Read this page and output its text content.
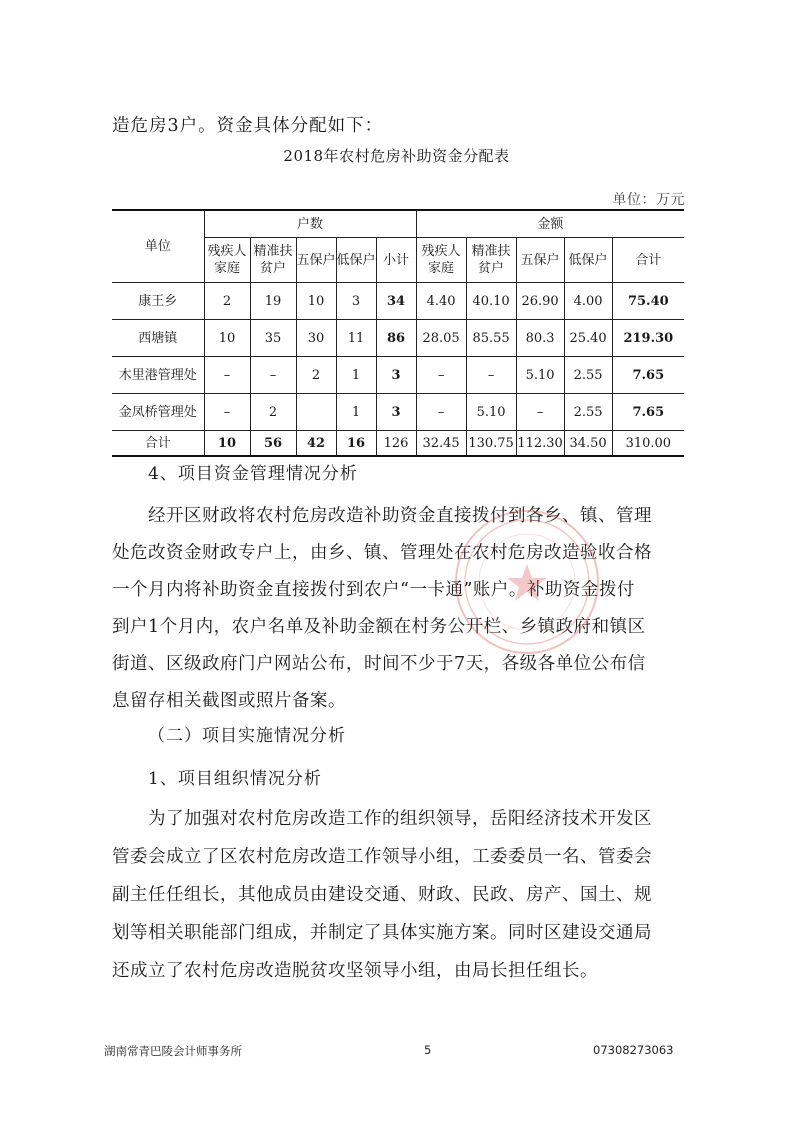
造危房3户。资金具体分配如下：
2018年农村危房补助资金分配表
单位：万元
单位	户数					金额				
	残疾人家庭	精准扶贫户	五保户	低保户	小计	残疾人家庭	精准扶贫户	五保户	低保户	合计
康王乡	2	19	10	3	34	4.40	40.10	26.90	4.00	75.40
西塘镇	10	35	30	11	86	28.05	85.55	80.3	25.40	219.30
木里港管理处	–	–	2	1	3	–	–	5.10	2.55	7.65
金凤桥管理处	–	2		1	3	–	5.10	–	2.55	7.65
合计	10	56	42	16	126	32.45	130.75	112.30	34.50	310.00
4、项目资金管理情况分析
经开区财政将农村危房改造补助资金直接拨付到各乡、镇、管理
处危改资金财政专户上，由乡、镇、管理处在农村危房改造验收合格
一个月内将补助资金直接拨付到农户“一卡通”账户。补助资金拨付
到户1个月内，农户名单及补助金额在村务公开栏、乡镇政府和镇区
街道、区级政府门户网站公布，时间不少于7天，各级各单位公布信
息留存相关截图或照片备案。
（二）项目实施情况分析
1、项目组织情况分析
为了加强对农村危房改造工作的组织领导，岳阳经济技术开发区
管委会成立了区农村危房改造工作领导小组，工委委员一名、管委会
副主任任组长，其他成员由建设交通、财政、民政、房产、国土、规
划等相关职能部门组成，并制定了具体实施方案。同时区建设交通局
还成立了农村危房改造脱贫攻坚领导小组，由局长担任组长。
湖南常青巴陵会计师事务所	5	07308273063
